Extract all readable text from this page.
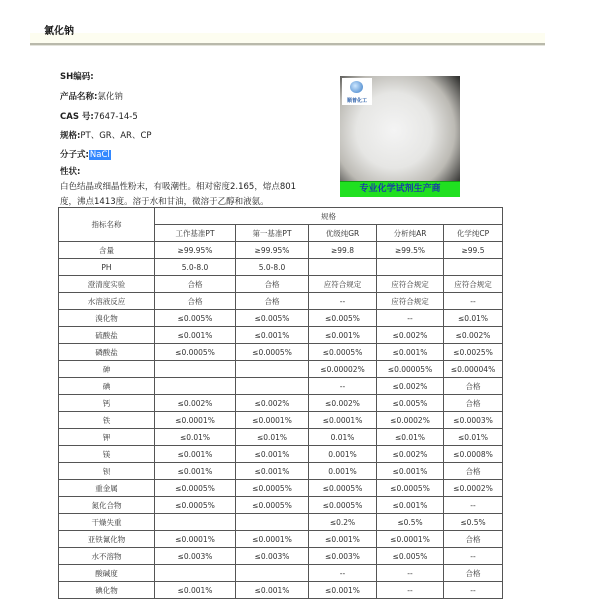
氯化钠
SH编码:
产品名称:氯化钠
CAS 号:7647-14-5
规格:PT、GR、AR、CP
分子式:NaCl
性状:
白色结晶或细晶性粉末，有吸潮性。相对密度2.165，熔点801度，沸点1413度。溶于水和甘油，微溶于乙醇和液氨。
顺普化工
专业化学试剂生产商
指标名称	规格				
	工作基准PT	第一基准PT	优级纯GR	分析纯AR	化学纯CP
含量	≥99.95%	≥99.95%	≥99.8	≥99.5%	≥99.5
PH	5.0-8.0	5.0-8.0			
澄清度实验	合格	合格	应符合规定	应符合规定	应符合规定
水溶液反应	合格	合格	--	应符合规定	--
溴化物	≤0.005%	≤0.005%	≤0.005%	--	≤0.01%
硫酸盐	≤0.001%	≤0.001%	≤0.001%	≤0.002%	≤0.002%
磷酸盐	≤0.0005%	≤0.0005%	≤0.0005%	≤0.001%	≤0.0025%
砷			≤0.00002%	≤0.00005%	≤0.00004%
碘			--	≤0.002%	合格
钙	≤0.002%	≤0.002%	≤0.002%	≤0.005%	合格
铁	≤0.0001%	≤0.0001%	≤0.0001%	≤0.0002%	≤0.0003%
钾	≤0.01%	≤0.01%	0.01%	≤0.01%	≤0.01%
镁	≤0.001%	≤0.001%	0.001%	≤0.002%	≤0.0008%
钡	≤0.001%	≤0.001%	0.001%	≤0.001%	合格
重金属	≤0.0005%	≤0.0005%	≤0.0005%	≤0.0005%	≤0.0002%
氮化合物	≤0.0005%	≤0.0005%	≤0.0005%	≤0.001%	--
干燥失重			≤0.2%	≤0.5%	≤0.5%
亚铁氰化物	≤0.0001%	≤0.0001%	≤0.001%	≤0.0001%	合格
水不溶物	≤0.003%	≤0.003%	≤0.003%	≤0.005%	--
酸碱度			--	--	合格
碘化物	≤0.001%	≤0.001%	≤0.001%	--	--
